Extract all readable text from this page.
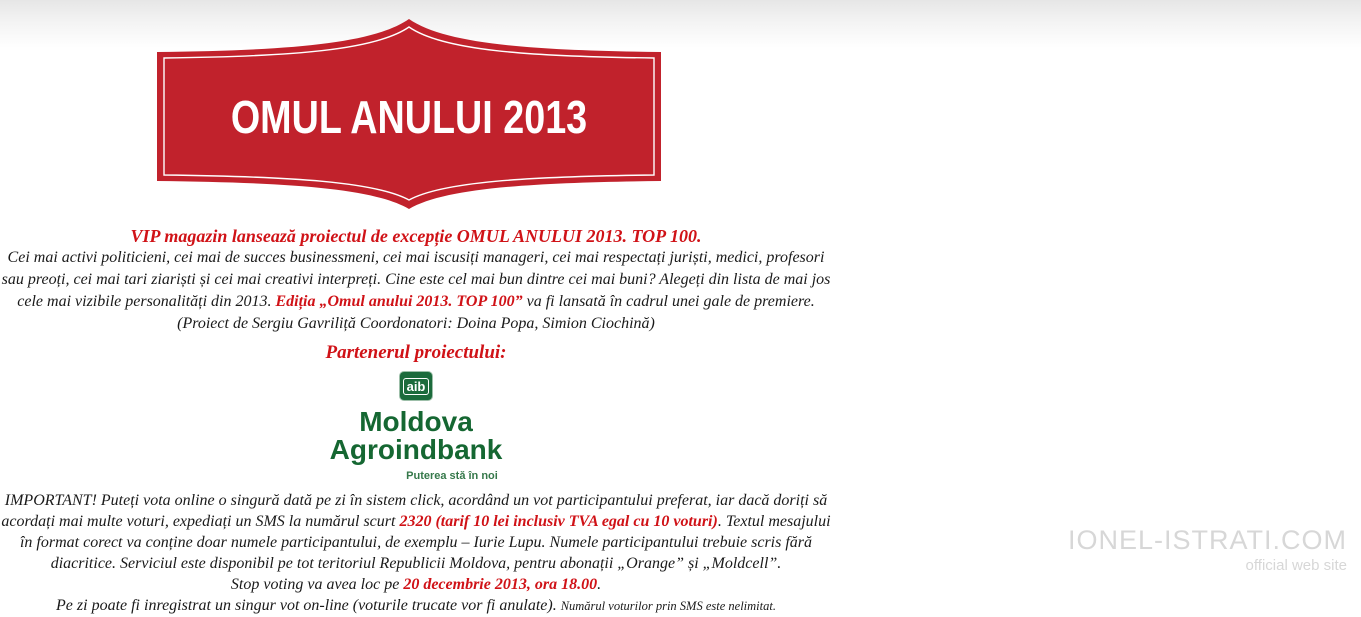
OMUL ANULUI 2013

VIP magazin lansează proiectul de excepție OMUL ANULUI 2013. TOP 100.

Cei mai activi politicieni, cei mai de succes businessmeni, cei mai iscusiți manageri, cei mai respectați juriști, medici, profesori sau preoți, cei mai tari ziariști și cei mai creativi interpreți. Cine este cel mai bun dintre cei mai buni? Alegeți din lista de mai jos cele mai vizibile personalități din 2013. Ediția „Omul anului 2013. TOP 100” va fi lansată în cadrul unei gale de premiere. (Proiect de Sergiu Gavriliță Coordonatori: Doina Popa, Simion Ciochină)

Partenerul proiectului:

aib
Moldova
Agroindbank
Puterea stă în noi

IMPORTANT! Puteți vota online o singură dată pe zi în sistem click, acordând un vot participantului preferat, iar dacă doriți să acordați mai multe voturi, expediați un SMS la numărul scurt 2320 (tarif 10 lei inclusiv TVA egal cu 10 voturi). Textul mesajului în format corect va conține doar numele participantului, de exemplu – Iurie Lupu. Numele participantului trebuie scris fără diacritice. Serviciul este disponibil pe tot teritoriul Republicii Moldova, pentru abonații „Orange” și „Moldcell”.

Stop voting va avea loc pe 20 decembrie 2013, ora 18.00.

Pe zi poate fi inregistrat un singur vot on-line (voturile trucate vor fi anulate). Numărul voturilor prin SMS este nelimitat.

IONEL-ISTRATI.COM
official web site
